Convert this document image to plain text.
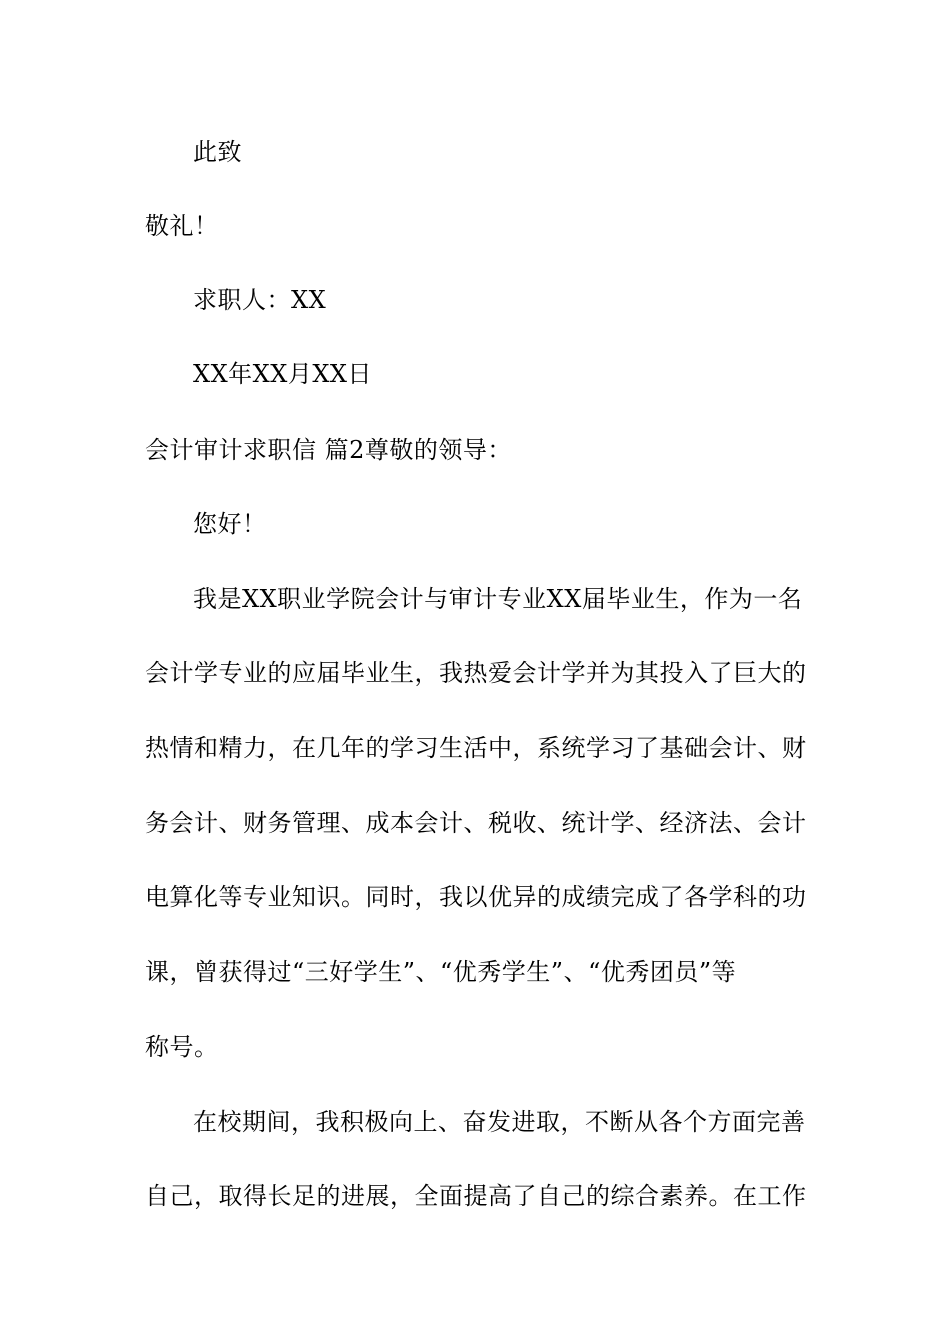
此致
敬礼！
求职人：XX
XX年XX月XX日
会计审计求职信 篇2尊敬的领导：
您好！
我是XX职业学院会计与审计专业XX届毕业生，作为一名
会计学专业的应届毕业生，我热爱会计学并为其投入了巨大的
热情和精力，在几年的学习生活中，系统学习了基础会计、财
务会计、财务管理、成本会计、税收、统计学、经济法、会计
电算化等专业知识。同时，我以优异的成绩完成了各学科的功
课，曾获得过“三好学生”、“优秀学生”、“优秀团员”等
称号。
在校期间，我积极向上、奋发进取，不断从各个方面完善
自己，取得长足的进展，全面提高了自己的综合素养。在工作
